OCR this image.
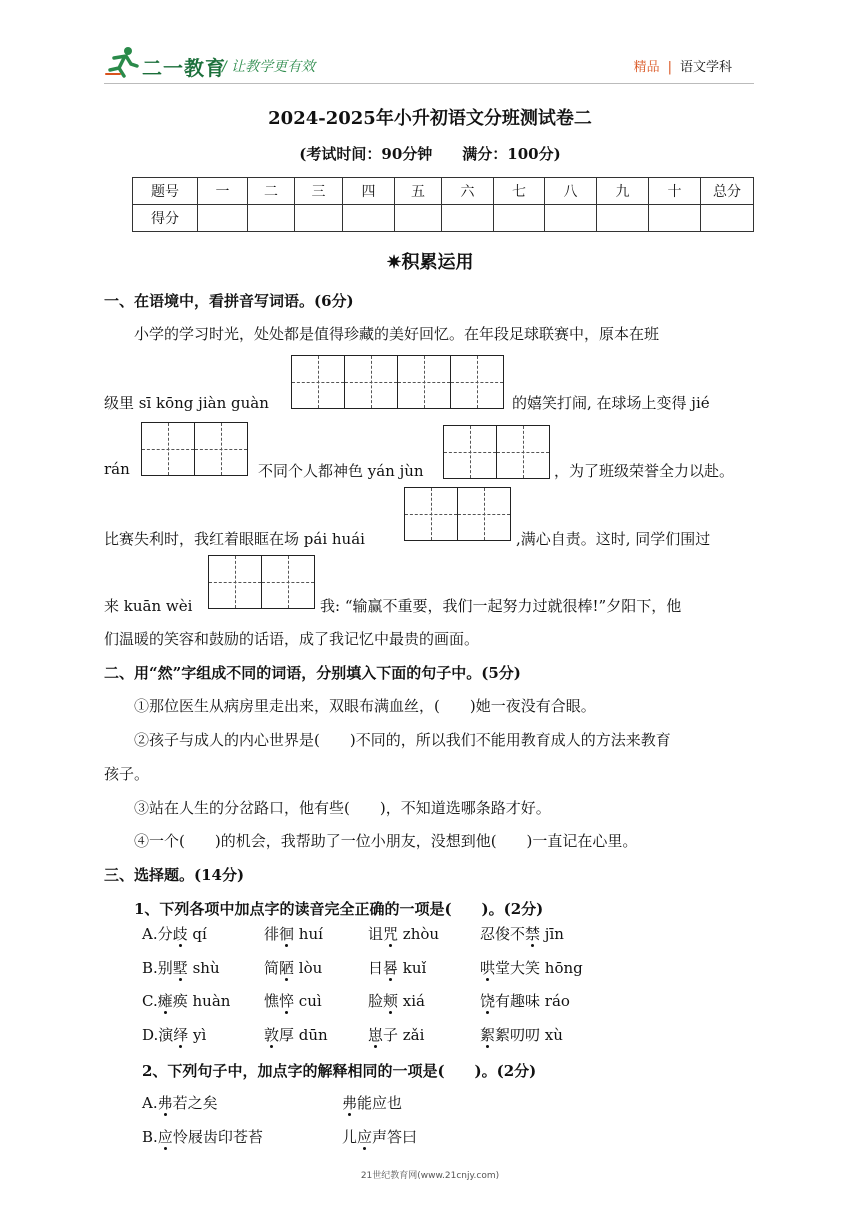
二一教育
/ 让教学更有效	精品 | 语文学科
2024-2025年小升初语文分班测试卷二
(考试时间：90分钟　　满分：100分)
题号	一	二	三	四	五	六	七	八	九	十	总分
得分											
✷积累运用
一、在语境中，看拼音写词语。(6分)
小学的学习时光，处处都是值得珍藏的美好回忆。在年段足球联赛中，原本在班
级里 sī kōng jiàn guàn	的嬉笑打闹, 在球场上变得 jié
rán	不同个人都神色 yán jùn	，为了班级荣誉全力以赴。
比赛失利时，我红着眼眶在场 pái huái	,满心自责。这时, 同学们围过
来 kuān wèi	我: “输赢不重要，我们一起努力过就很棒!”夕阳下，他
们温暖的笑容和鼓励的话语，成了我记忆中最贵的画面。
二、用“然”字组成不同的词语，分别填入下面的句子中。(5分)
①那位医生从病房里走出来，双眼布满血丝，(　　)她一夜没有合眼。
②孩子与成人的内心世界是(　　)不同的，所以我们不能用教育成人的方法来教育
孩子。
③站在人生的分岔路口，他有些(　　)，不知道选哪条路才好。
④一个(　　)的机会，我帮助了一位小朋友，没想到他(　　)一直记在心里。
三、选择题。(14分)
1、下列各项中加点字的读音完全正确的一项是(　　)。(2分)
A.分歧 qí	徘徊 huí	诅咒 zhòu	忍俊不禁 jīn
B.别墅 shù	简陋 lòu	日晷 kuǐ	哄堂大笑 hōng
C.瘫痪 huàn 憔悴 cuì	脸颊 xiá	饶有趣味 ráo
D.演绎 yì	敦厚 dūn	崽子 zǎi	絮絮叨叨 xù
2、下列句子中，加点字的解释相同的一项是(　　)。(2分)
A.弗若之矣	弗能应也
B.应怜屐齿印苍苔	儿应声答曰
21世纪教育网(www.21cnjy.com)
